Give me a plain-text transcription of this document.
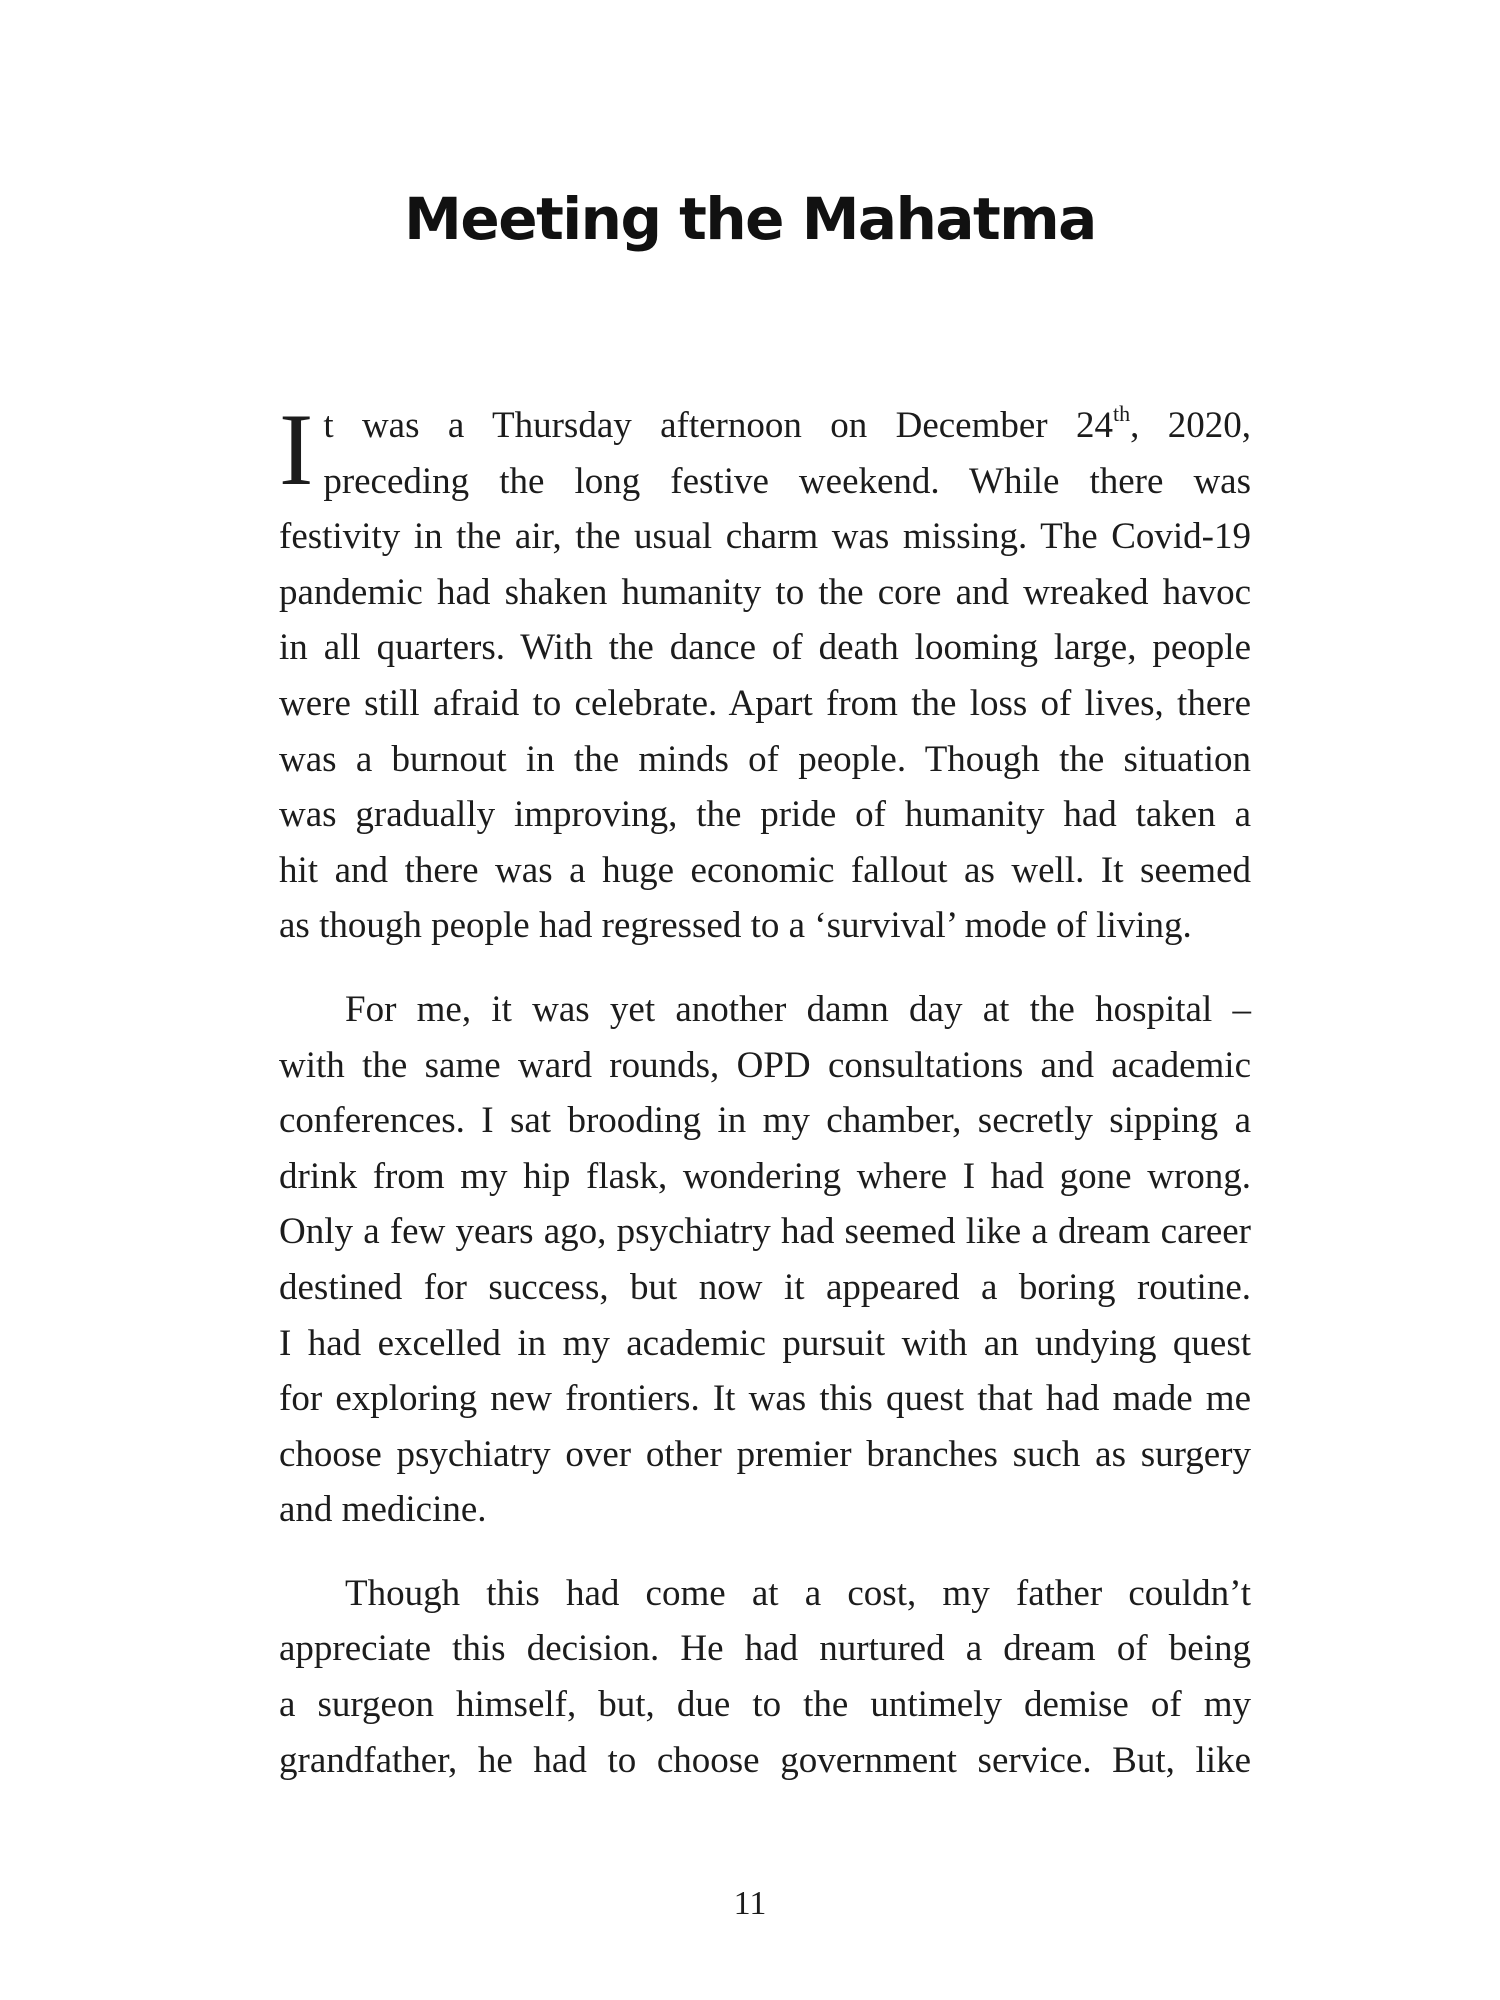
Meeting the Mahatma
I t was a Thursday afternoon on December 24th, 2020,
preceding the long festive weekend. While there was
festivity in the air, the usual charm was missing. The Covid-19
pandemic had shaken humanity to the core and wreaked havoc
in all quarters. With the dance of death looming large, people
were still afraid to celebrate. Apart from the loss of lives, there
was a burnout in the minds of people. Though the situation
was gradually improving, the pride of humanity had taken a
hit and there was a huge economic fallout as well. It seemed
as though people had regressed to a ‘survival’ mode of living.
For me, it was yet another damn day at the hospital –
with the same ward rounds, OPD consultations and academic
conferences. I sat brooding in my chamber, secretly sipping a
drink from my hip flask, wondering where I had gone wrong.
Only a few years ago, psychiatry had seemed like a dream career
destined for success, but now it appeared a boring routine.
I had excelled in my academic pursuit with an undying quest
for exploring new frontiers. It was this quest that had made me
choose psychiatry over other premier branches such as surgery
and medicine.
Though this had come at a cost, my father couldn’t
appreciate this decision. He had nurtured a dream of being
a surgeon himself, but, due to the untimely demise of my
grandfather, he had to choose government service. But, like
11
